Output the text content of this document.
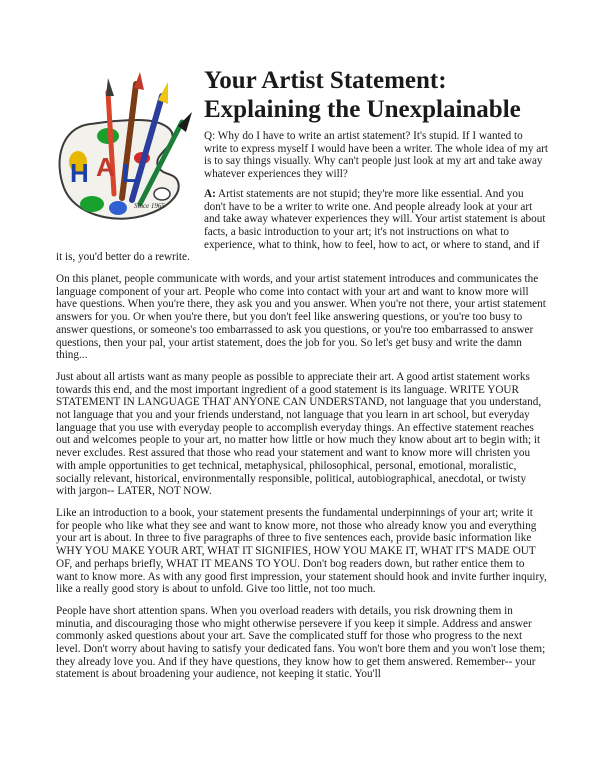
H A L
Since 1965
Your Artist Statement:
Explaining the Unexplainable

Q: Why do I have to write an artist statement? It's stupid. If I wanted to write to express myself I would have been a writer. The whole idea of my art is to say things visually. Why can't people just look at my art and take away whatever experiences they will?

A: Artist statements are not stupid; they're more like essential. And you don't have to be a writer to write one. And people already look at your art and take away whatever experiences they will. Your artist statement is about facts, a basic introduction to your art; it's not instructions on what to experience, what to think, how to feel, how to act, or where to stand, and if it is, you'd better do a rewrite.

On this planet, people communicate with words, and your artist statement introduces and communicates the language component of your art. People who come into contact with your art and want to know more will have questions. When you're there, they ask you and you answer. When you're not there, your artist statement answers for you. Or when you're there, but you don't feel like answering questions, or you're too busy to answer questions, or someone's too embarrassed to ask you questions, or you're too embarrassed to answer questions, then your pal, your artist statement, does the job for you. So let's get busy and write the damn thing...

Just about all artists want as many people as possible to appreciate their art. A good artist statement works towards this end, and the most important ingredient of a good statement is its language. WRITE YOUR STATEMENT IN LANGUAGE THAT ANYONE CAN UNDERSTAND, not language that you understand, not language that you and your friends understand, not language that you learn in art school, but everyday language that you use with everyday people to accomplish everyday things. An effective statement reaches out and welcomes people to your art, no matter how little or how much they know about art to begin with; it never excludes. Rest assured that those who read your statement and want to know more will christen you with ample opportunities to get technical, metaphysical, philosophical, personal, emotional, moralistic, socially relevant, historical, environmentally responsible, political, autobiographical, anecdotal, or twisty with jargon-- LATER, NOT NOW.

Like an introduction to a book, your statement presents the fundamental underpinnings of your art; write it for people who like what they see and want to know more, not those who already know you and everything your art is about. In three to five paragraphs of three to five sentences each, provide basic information like WHY YOU MAKE YOUR ART, WHAT IT SIGNIFIES, HOW YOU MAKE IT, WHAT IT'S MADE OUT OF, and perhaps briefly, WHAT IT MEANS TO YOU. Don't bog readers down, but rather entice them to want to know more. As with any good first impression, your statement should hook and invite further inquiry, like a really good story is about to unfold. Give too little, not too much.

People have short attention spans. When you overload readers with details, you risk drowning them in minutia, and discouraging those who might otherwise persevere if you keep it simple. Address and answer commonly asked questions about your art. Save the complicated stuff for those who progress to the next level. Don't worry about having to satisfy your dedicated fans. You won't bore them and you won't lose them; they already love you. And if they have questions, they know how to get them answered. Remember-- your statement is about broadening your audience, not keeping it static. You'll
